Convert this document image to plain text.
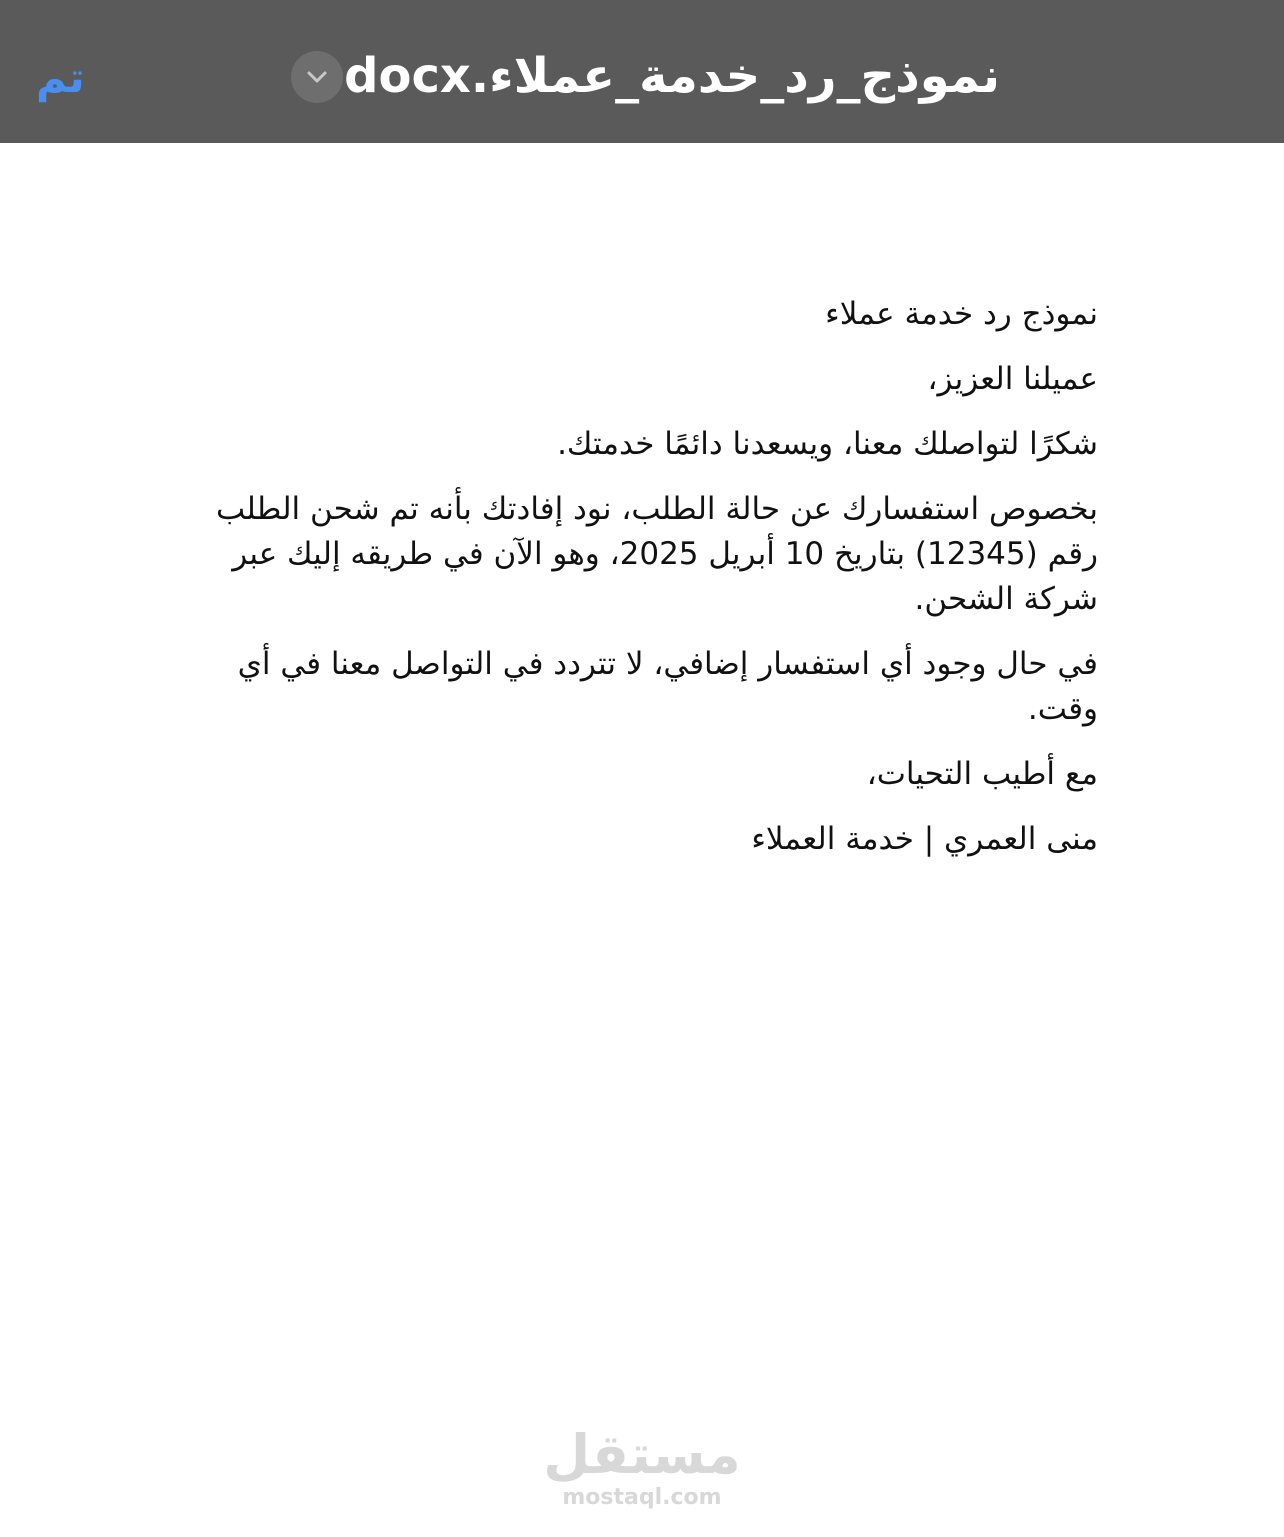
تم	نموذج_رد_خدمة_عملاء.docx

نموذج رد خدمة عملاء

عميلنا العزيز،

شكرًا لتواصلك معنا، ويسعدنا دائمًا خدمتك.

بخصوص استفسارك عن حالة الطلب، نود إفادتك بأنه تم شحن الطلب رقم (12345) بتاريخ 10 أبريل 2025، وهو الآن في طريقه إليك عبر شركة الشحن.

في حال وجود أي استفسار إضافي، لا تتردد في التواصل معنا في أي وقت.

مع أطيب التحيات،

منى العمري | خدمة العملاء

مستقل
mostaql.com
